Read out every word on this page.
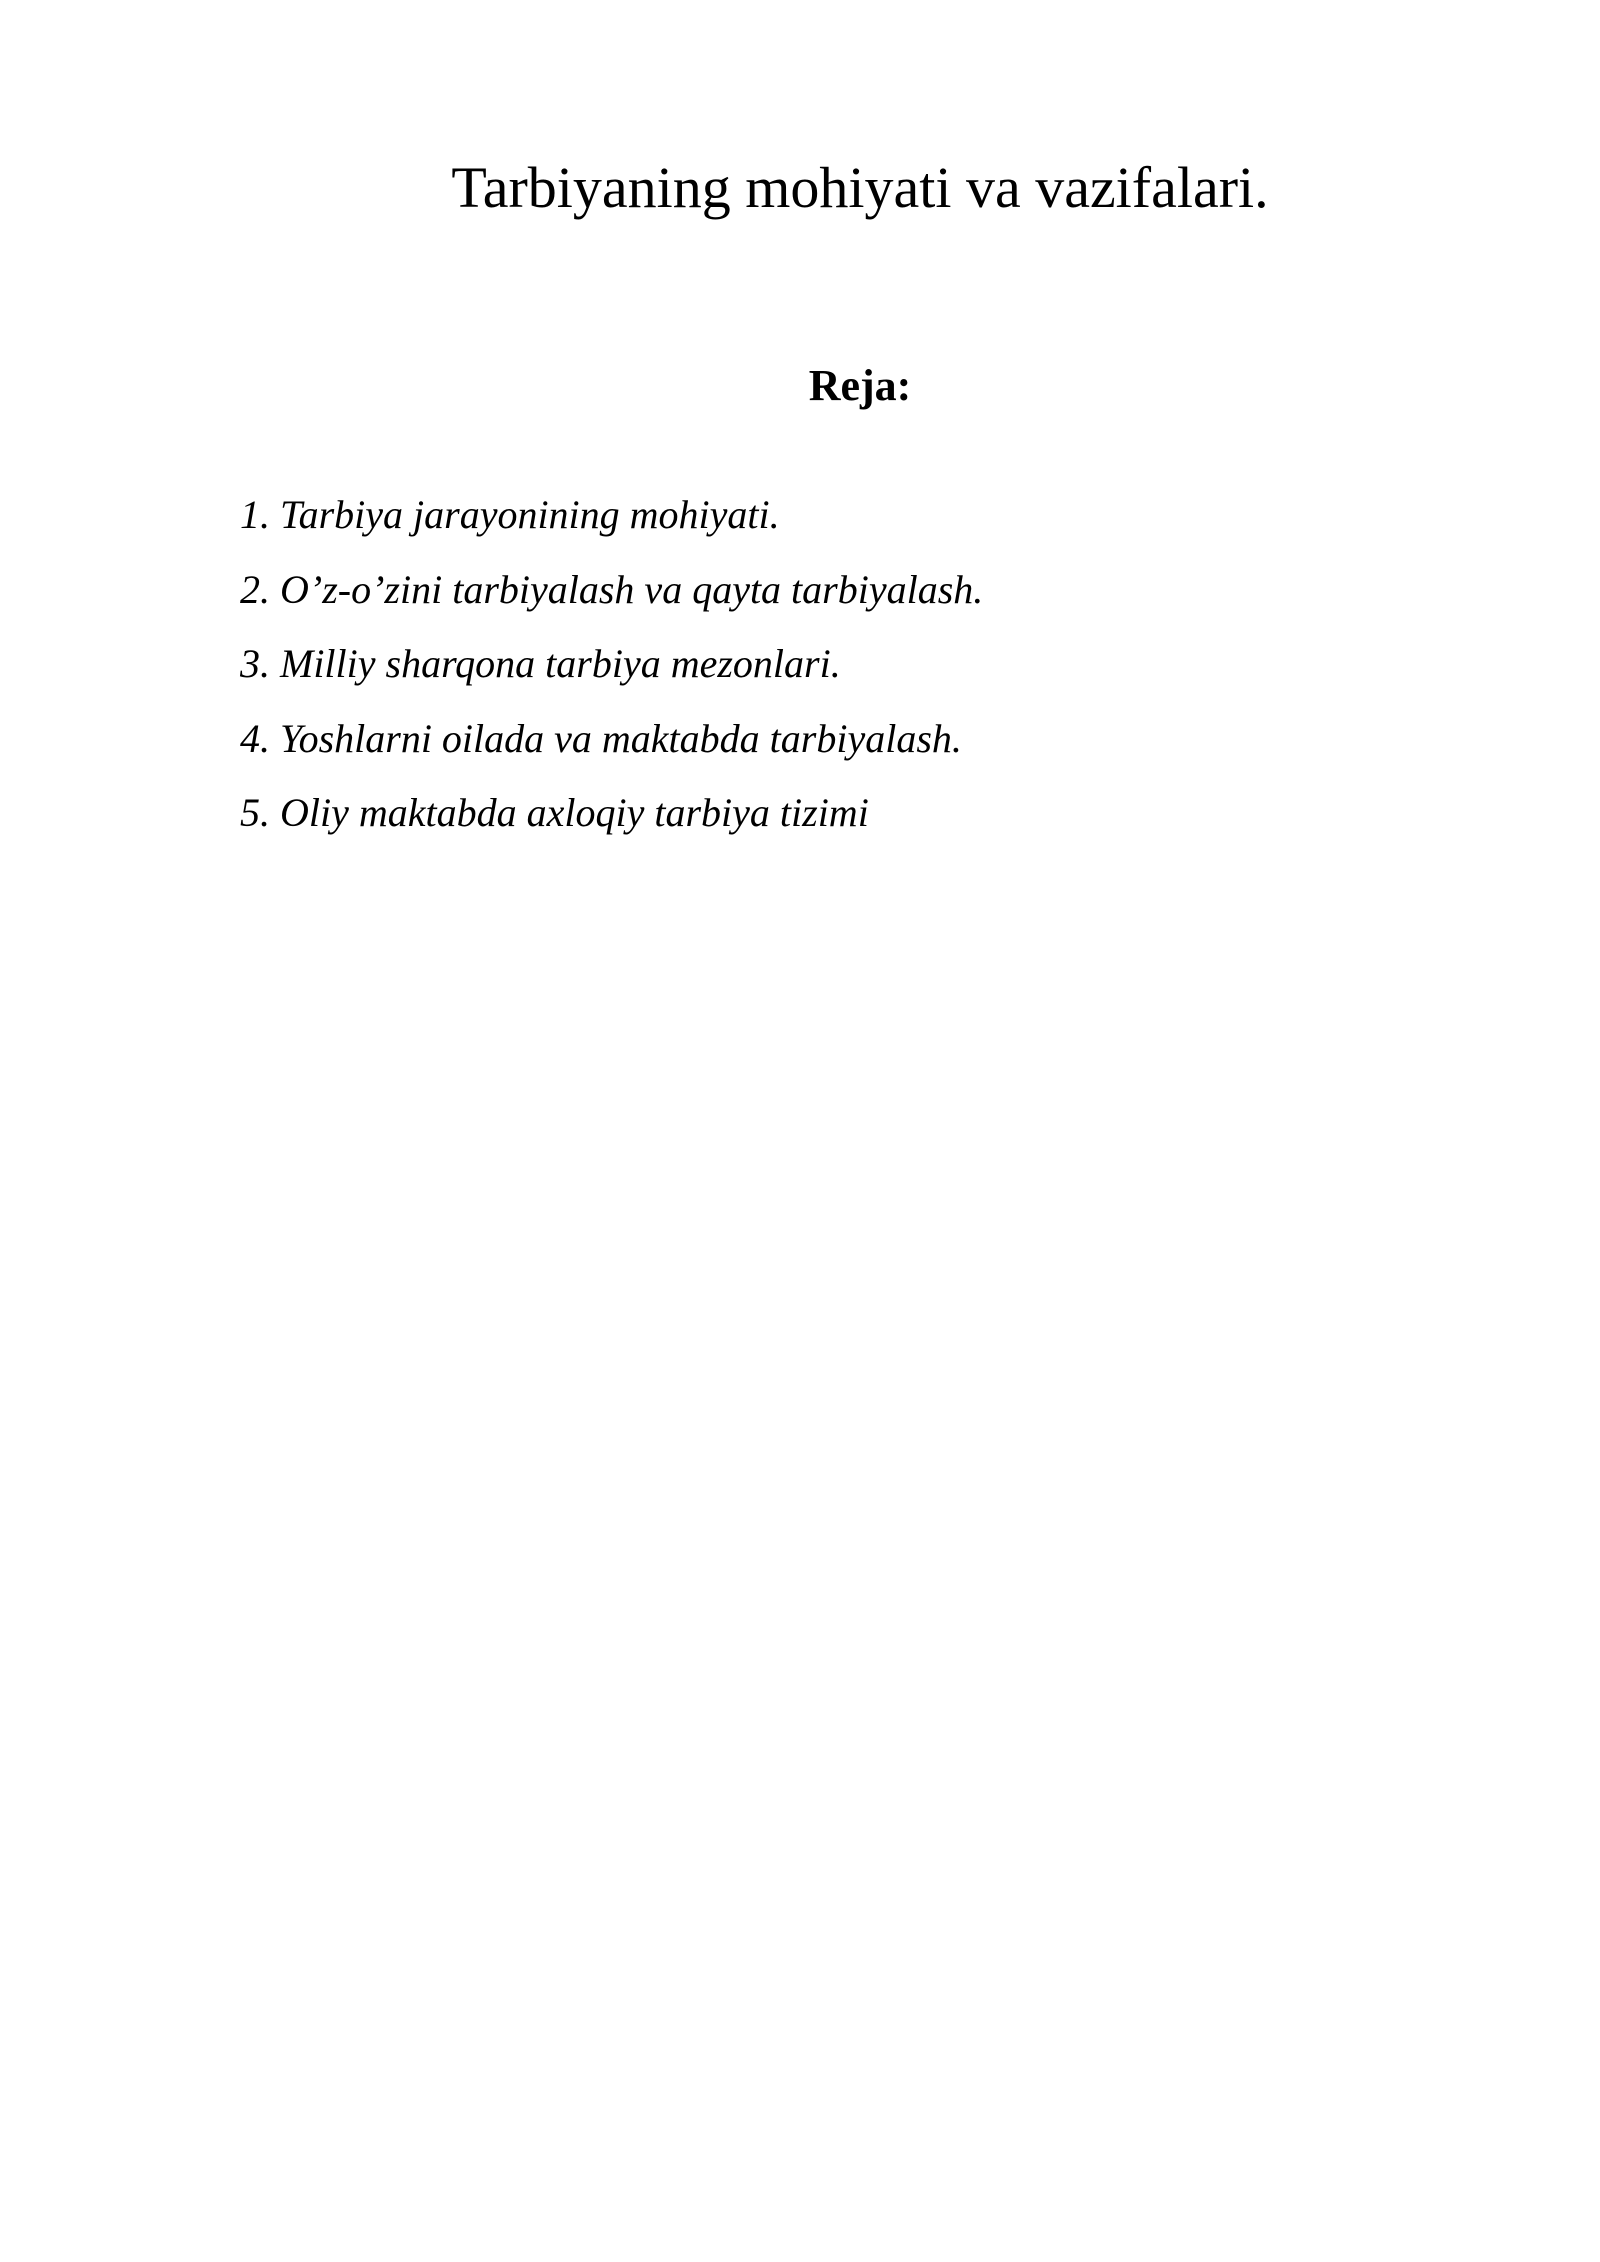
Tarbiyaning mohiyati va vazifalari.
Reja:
1. Tarbiya jarayonining mohiyati.
2. O’z-o’zini tarbiyalash va qayta tarbiyalash.
3. Milliy sharqona tarbiya mezonlari.
4. Yoshlarni oilada va maktabda tarbiyalash.
5. Oliy maktabda axloqiy tarbiya tizimi
